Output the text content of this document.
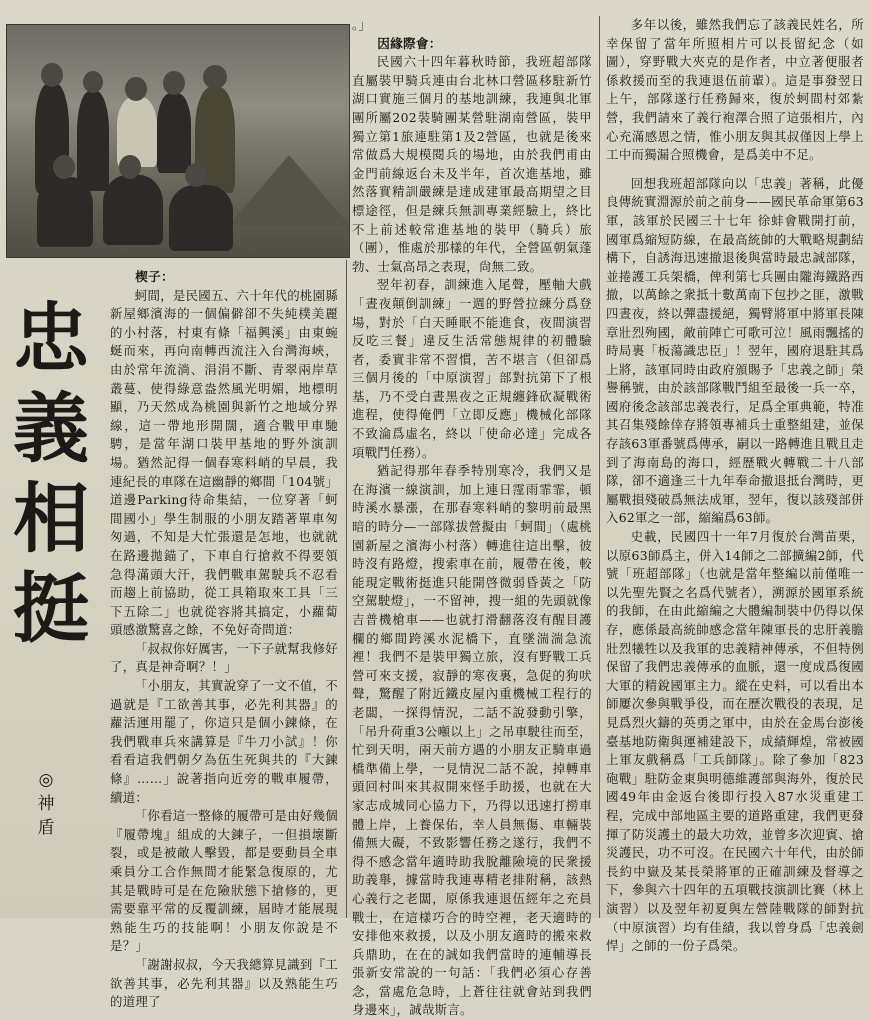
忠
義
相
挺
◎
神
盾

楔子：

蚵間，是民國五、六十年代的桃園縣新屋鄉濱海的一個偏僻卻不失純樸美麗的小村落，村東有條「福興溪」由東蜿蜒而來，再向南轉西流注入台灣海峽，由於常年流淌、涓涓不斷、青翠兩岸草叢蔓、使得綠意盎然風光明媚，地標明顯，乃天然成為桃園與新竹之地域分界線，這一帶地形開闊，適合戰甲車馳騁，是當年湖口裝甲基地的野外演訓場。猶然記得一個春寒料峭的早晨，我連紀長的車隊在這幽靜的鄉間「104號」道邊Parking待命集結，一位穿著「蚵間國小」學生制服的小朋友踏著單車匆匆過，不知是大忙張還是怎地，也就就在路邊拋錨了，下車自行搶救不得要領急得滿頭大汗，我們戰車駕駛兵不忍看而趨上前協助，從工具箱取來工具「三下五除二」也就從容將其搞定，小蘿蔔頭感激驚喜之餘，不免好奇問道：

「叔叔你好厲害，一下子就幫我修好了，真是神奇啊？！」

「小朋友，其實說穿了一文不值，不過就是『工欲善其事，必先利其器』的蘿活運用罷了，你這只是個小鍊條，在我們戰車兵來講算是『牛刀小試』！你看看這我們朝夕為伍生死與共的『大鍊條』……」說著指向近旁的戰車履帶，續道：

「你看這一整條的履帶可是由好幾個『履帶塊』組成的大鍊子，一但損壞斷裂，或是被敵人擊毀，都是要動員全車乘員分工合作無間才能緊急復原的，尤其是戰時可是在危險狀態下搶修的，更需要靠平常的反覆訓練，屆時才能展現熟能生巧的技能啊！小朋友你說是不是？」

「謝謝叔叔，今天我總算見識到『工欲善其事，必先利其器』以及熟能生巧的道理了

。」

因緣際會：

民國六十四年暮秋時節，我班超部隊直屬裝甲騎兵連由台北林口營區移駐新竹湖口實施三個月的基地訓練，我連與北軍團所屬202裝騎團某營駐湖南營區，裝甲獨立第1旅連駐第1及2營區，也就是後來常做爲大規模閱兵的場地，由於我們甫由金門前線返台未及半年，首次進基地，雖然落實精訓嚴練是達成建軍最高期望之目標途徑，但是練兵無訓專業經驗上，終比不上前述較常進基地的裝甲（騎兵）旅（團），惟處於那樣的年代，全營區朝氣蓬勃、士氣高昂之表現，尙無二致。

翌年初春，訓練進入尾聲，壓軸大戲「晝夜顛倒訓練」一週的野營拉練分爲登場，對於「白天睡眠不能進食，夜間演習反吃三餐」違反生活常態規律的初體驗者，委實非常不習慣，苦不堪言（但卻爲三個月後的「中原演習」部對抗第下了根基，乃不受白晝黑夜之正規纏鋒砍凝戰術進程，使得俺們「立即反應」機械化部隊不致淪爲虛名，終以「使命必達」完成各項戰鬥任務）。

猶記得那年春季特別寒冷，我們又是在海濱一線演訓，加上連日霪雨霏霏，頓時溪水暴漲，在那春寒料峭的黎明前最黑暗的時分—一部隊拔營擬由「蚵間」（處桃園新屋之濱海小村落）轉進往這出擊，彼時沒有路燈，搜索車在前，履帶在後，較能現定戰術挺進只能開啓微弱昏黃之「防空駕駛燈」，一不留神，搜一組的先頭就像吉普機槍車——也就打滑翻落沒有醒目護欄的鄉間跨溪水泥橋下，直墜湍湍急流裡！我們不是裝甲獨立旅，沒有野戰工兵營可來支援，寂靜的寒夜裏，急促的狗吠聲，驚醒了附近鐵皮屋內重機械工程行的老闆，一探得情況，二話不說發動引擎，「吊升荷重3公噸以上」之吊車駛往而至，忙到天明，兩天前方遇的小朋友正騎車過橋準備上學，一見情況二話不說，掉轉車頭回村叫來其叔開來怪手助援，也就在大家志成城同心協力下，乃得以迅速打撈車體上岸，上養保佑，幸人員無傷、車輛裝備無大礙，不致影響任務之遂行，我們不得不感念當年適時助我脫離險境的民衆援助義舉，據當時我連專精老排附稱，該熱心義行之老闆，原係我連退伍經年之充員戰士，在這樣巧合的時空裡，老天適時的安排他來救援，以及小朋友適時的搬來救兵鼎助，在在的誠如我們當時的連輔導長張新安常說的一句話：「我們必須心存善念，當處危急時，上蒼往往就會站到我們身邊來」，誠哉斯言。

多年以後，雖然我們忘了該義民姓名，所幸保留了當年所照相片可以長留紀念（如圖），穿野戰大夾克的是作者，中立著便服者係救援而至的我連退伍前輩）。這是事發翌日上午，部隊遂行任務歸來，復於蚵間村郊紮營，我們請來了義行袍澤合照了這張相片，內心充滿感恩之情，惟小朋友與其叔僅因上學上工中而獨漏合照機會，是爲美中不足。

回想我班超部隊向以「忠義」著稱，此優良傳統實淵源於前之前身——國民革命軍第63軍，該軍於民國三十七年 徐蚌會戰開打前，國軍爲縮短防線，在最高統帥的大戰略規劃結構下，自誘海迅速撤退後與當時最忠誠部隊，並捲護工兵架橋，俾利第七兵團由隴海鐵路西撤，以萬餘之衆抵十數萬南下包抄之匪，激戰四晝夜，終以彈盡援絕，獨臂將軍中將軍長陳章壯烈殉國，敵前陣亡可歌可泣！風雨飄搖的時局裏「板蕩識忠臣」！翌年，國府退駐其爲上將，該軍同時由政府頒賜予「忠義之師」榮譽稱號，由於該部隊戰鬥組至最後一兵一卒，國府後念該部忠義表行，足爲全軍典範，特准其召集殘餘倖存將領專補兵士重整組建，並保存該63軍番號爲傳承，嗣以一路轉進且戰且走到了海南島的海口，經歷戰火轉戰二十八部隊，卻不適逢三十九年奉命撤退抵台灣時，更屬戰損殘破爲無法成軍，翌年，復以該殘部併入62軍之一部，縮編爲63師。

史載，民國四十一年7月復於台灣苗栗，以原63師爲主，併入14師之二部擴編2師，代號「班超部隊」（也就是當年整編以前僅唯一以先聖先賢之名爲代號者），溯源於國軍系統的我師，在由此縮編之大體編制裝中仍得以保存，應係最高統帥感念當年陳軍長的忠肝義膽壯烈犧牲以及我軍的忠義精神傳承，不但特例保留了我們忠義傳承的血脈，還一度成爲復國大軍的精銳國軍主力。縱在史料，可以看出本師屢次參與戰爭役，而在歷次戰役的表現，足見爲烈火鑄的英勇之軍中，由於在金馬台澎後臺基地防衛與運補建設下，成績輝煌，常被國上軍友戲稱爲「工兵師隊」。除了參加「823砲戰」駐防金東與明德維護部與海外，復於民國49年由金返台後即行投入87水災重建工程，完成中部地區主要的道路重建，我們更發揮了防災護土的最大功效，並曾多次迎賓、搶災護民，功不可沒。在民國六十年代，由於師長約中嶽及某長榮將軍的正確訓練及督導之下，參與六十四年的五項戰技演訓比賽（林上演習）以及翌年初夏與左營陸戰隊的師對抗（中原演習）均有佳績，我以曾身爲「忠義劍悍」之師的一份子爲榮。
